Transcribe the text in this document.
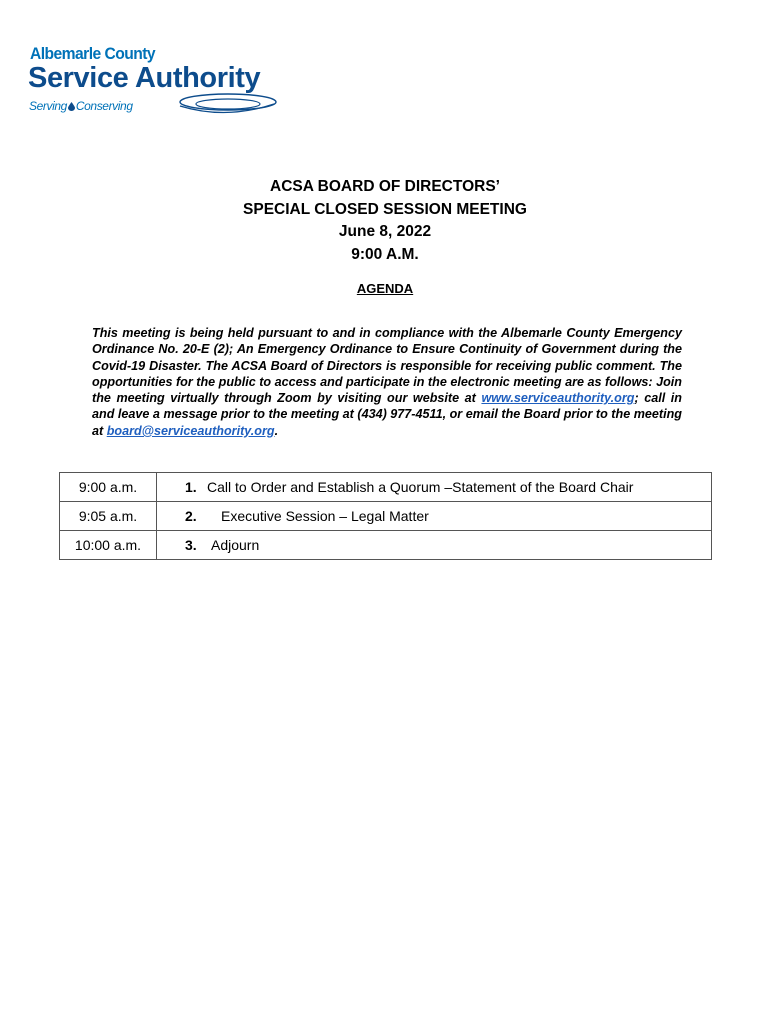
Albemarle County
Service Authority
Serving Conserving
ACSA BOARD OF DIRECTORS’
SPECIAL CLOSED SESSION MEETING
June 8, 2022
9:00 A.M.
AGENDA

This meeting is being held pursuant to and in compliance with the Albemarle County Emergency Ordinance No. 20-E (2); An Emergency Ordinance to Ensure Continuity of Government during the Covid-19 Disaster. The ACSA Board of Directors is responsible for receiving public comment. The opportunities for the public to access and participate in the electronic meeting are as follows: Join the meeting virtually through Zoom by visiting our website at www.serviceauthority.org; call in and leave a message prior to the meeting at (434) 977-4511, or email the Board prior to the meeting at board@serviceauthority.org.

9:00 a.m.	1. Call to Order and Establish a Quorum –Statement of the Board Chair
9:05 a.m.	2. Executive Session – Legal Matter
10:00 a.m.	3. Adjourn
